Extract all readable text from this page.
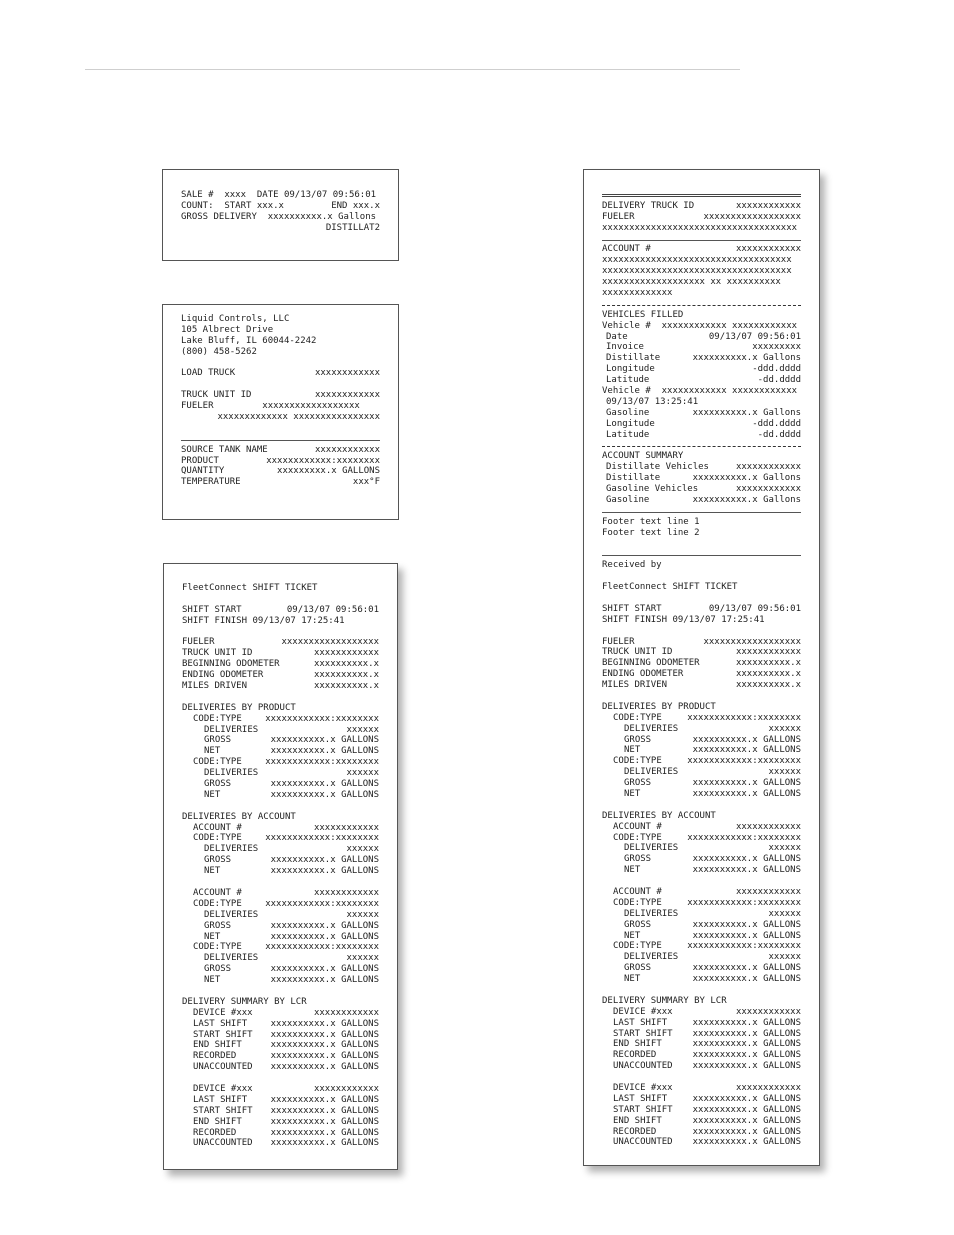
SALE #  xxxx  DATE 09/13/07 09:56:01
COUNT:  START xxx.x	END xxx.x
GROSS DELIVERY  xxxxxxxxxx.x Gallons
DISTILLAT2
Liquid Controls, LLC
105 Albrect Drive
Lake Bluff, IL 60044-2242
(800) 458-5262
LOAD TRUCK	xxxxxxxxxxxx
TRUCK UNIT ID	xxxxxxxxxxxx
FUELER         xxxxxxxxxxxxxxxxxx
xxxxxxxxxxxxx xxxxxxxxxxxxxxxx
SOURCE TANK NAME	xxxxxxxxxxxx
PRODUCT	xxxxxxxxxxxx:xxxxxxxx
QUANTITY	xxxxxxxxx.x GALLONS
TEMPERATURE	xxx°F
FleetConnect SHIFT TICKET
SHIFT START	09/13/07 09:56:01
SHIFT FINISH 09/13/07 17:25:41
FUELER	xxxxxxxxxxxxxxxxxx
TRUCK UNIT ID	xxxxxxxxxxxx
BEGINNING ODOMETER	xxxxxxxxxx.x
ENDING ODOMETER	xxxxxxxxxx.x
MILES DRIVEN	xxxxxxxxxx.x
DELIVERIES BY PRODUCT
CODE:TYPE	xxxxxxxxxxxx:xxxxxxxx
DELIVERIES	xxxxxx
GROSS	xxxxxxxxxx.x GALLONS
NET	xxxxxxxxxx.x GALLONS
CODE:TYPE	xxxxxxxxxxxx:xxxxxxxx
DELIVERIES	xxxxxx
GROSS	xxxxxxxxxx.x GALLONS
NET	xxxxxxxxxx.x GALLONS
DELIVERIES BY ACCOUNT
ACCOUNT #	xxxxxxxxxxxx
CODE:TYPE	xxxxxxxxxxxx:xxxxxxxx
DELIVERIES	xxxxxx
GROSS	xxxxxxxxxx.x GALLONS
NET	xxxxxxxxxx.x GALLONS
ACCOUNT #	xxxxxxxxxxxx
CODE:TYPE	xxxxxxxxxxxx:xxxxxxxx
DELIVERIES	xxxxxx
GROSS	xxxxxxxxxx.x GALLONS
NET	xxxxxxxxxx.x GALLONS
CODE:TYPE	xxxxxxxxxxxx:xxxxxxxx
DELIVERIES	xxxxxx
GROSS	xxxxxxxxxx.x GALLONS
NET	xxxxxxxxxx.x GALLONS
DELIVERY SUMMARY BY LCR
DEVICE #xxx	xxxxxxxxxxxx
LAST SHIFT	xxxxxxxxxx.x GALLONS
START SHIFT xxxxxxxxxx.x GALLONS
END SHIFT	xxxxxxxxxx.x GALLONS
RECORDED	xxxxxxxxxx.x GALLONS
UNACCOUNTED xxxxxxxxxx.x GALLONS
DEVICE #xxx	xxxxxxxxxxxx
LAST SHIFT	xxxxxxxxxx.x GALLONS
START SHIFT xxxxxxxxxx.x GALLONS
END SHIFT	xxxxxxxxxx.x GALLONS
RECORDED	xxxxxxxxxx.x GALLONS
UNACCOUNTED xxxxxxxxxx.x GALLONS
DELIVERY TRUCK ID	xxxxxxxxxxxx
FUELER	xxxxxxxxxxxxxxxxxx
xxxxxxxxxxxxxxxxxxxxxxxxxxxxxxxxxxxx
ACCOUNT #	xxxxxxxxxxxx
xxxxxxxxxxxxxxxxxxxxxxxxxxxxxxxxxxx
xxxxxxxxxxxxxxxxxxxxxxxxxxxxxxxxxxx
xxxxxxxxxxxxxxxxxxx xx xxxxxxxxxx
xxxxxxxxxxxxx
VEHICLES FILLED
Vehicle #  xxxxxxxxxxxx xxxxxxxxxxxx
Date	09/13/07 09:56:01
Invoice	xxxxxxxxx
Distillate	xxxxxxxxxx.x Gallons
Longitude	-ddd.dddd
Latitude	-dd.dddd
Vehicle #  xxxxxxxxxxxx xxxxxxxxxxxx
09/13/07 13:25:41
Gasoline	xxxxxxxxxx.x Gallons
Longitude	-ddd.dddd
Latitude	-dd.dddd
ACCOUNT SUMMARY
Distillate Vehicles	xxxxxxxxxxxx
Distillate	xxxxxxxxxx.x Gallons
Gasoline Vehicles	xxxxxxxxxxxx
Gasoline	xxxxxxxxxx.x Gallons
Footer text line 1
Footer text line 2
Received by
FleetConnect SHIFT TICKET
SHIFT START	09/13/07 09:56:01
SHIFT FINISH 09/13/07 17:25:41
FUELER	xxxxxxxxxxxxxxxxxx
TRUCK UNIT ID	xxxxxxxxxxxx
BEGINNING ODOMETER	xxxxxxxxxx.x
ENDING ODOMETER	xxxxxxxxxx.x
MILES DRIVEN	xxxxxxxxxx.x
DELIVERIES BY PRODUCT
CODE:TYPE	xxxxxxxxxxxx:xxxxxxxx
DELIVERIES	xxxxxx
GROSS	xxxxxxxxxx.x GALLONS
NET	xxxxxxxxxx.x GALLONS
CODE:TYPE	xxxxxxxxxxxx:xxxxxxxx
DELIVERIES	xxxxxx
GROSS	xxxxxxxxxx.x GALLONS
NET	xxxxxxxxxx.x GALLONS
DELIVERIES BY ACCOUNT
ACCOUNT #	xxxxxxxxxxxx
CODE:TYPE	xxxxxxxxxxxx:xxxxxxxx
DELIVERIES	xxxxxx
GROSS	xxxxxxxxxx.x GALLONS
NET	xxxxxxxxxx.x GALLONS
ACCOUNT #	xxxxxxxxxxxx
CODE:TYPE	xxxxxxxxxxxx:xxxxxxxx
DELIVERIES	xxxxxx
GROSS	xxxxxxxxxx.x GALLONS
NET	xxxxxxxxxx.x GALLONS
CODE:TYPE	xxxxxxxxxxxx:xxxxxxxx
DELIVERIES	xxxxxx
GROSS	xxxxxxxxxx.x GALLONS
NET	xxxxxxxxxx.x GALLONS
DELIVERY SUMMARY BY LCR
DEVICE #xxx	xxxxxxxxxxxx
LAST SHIFT	xxxxxxxxxx.x GALLONS
START SHIFT xxxxxxxxxx.x GALLONS
END SHIFT	xxxxxxxxxx.x GALLONS
RECORDED	xxxxxxxxxx.x GALLONS
UNACCOUNTED xxxxxxxxxx.x GALLONS
DEVICE #xxx	xxxxxxxxxxxx
LAST SHIFT	xxxxxxxxxx.x GALLONS
START SHIFT xxxxxxxxxx.x GALLONS
END SHIFT	xxxxxxxxxx.x GALLONS
RECORDED	xxxxxxxxxx.x GALLONS
UNACCOUNTED xxxxxxxxxx.x GALLONS
